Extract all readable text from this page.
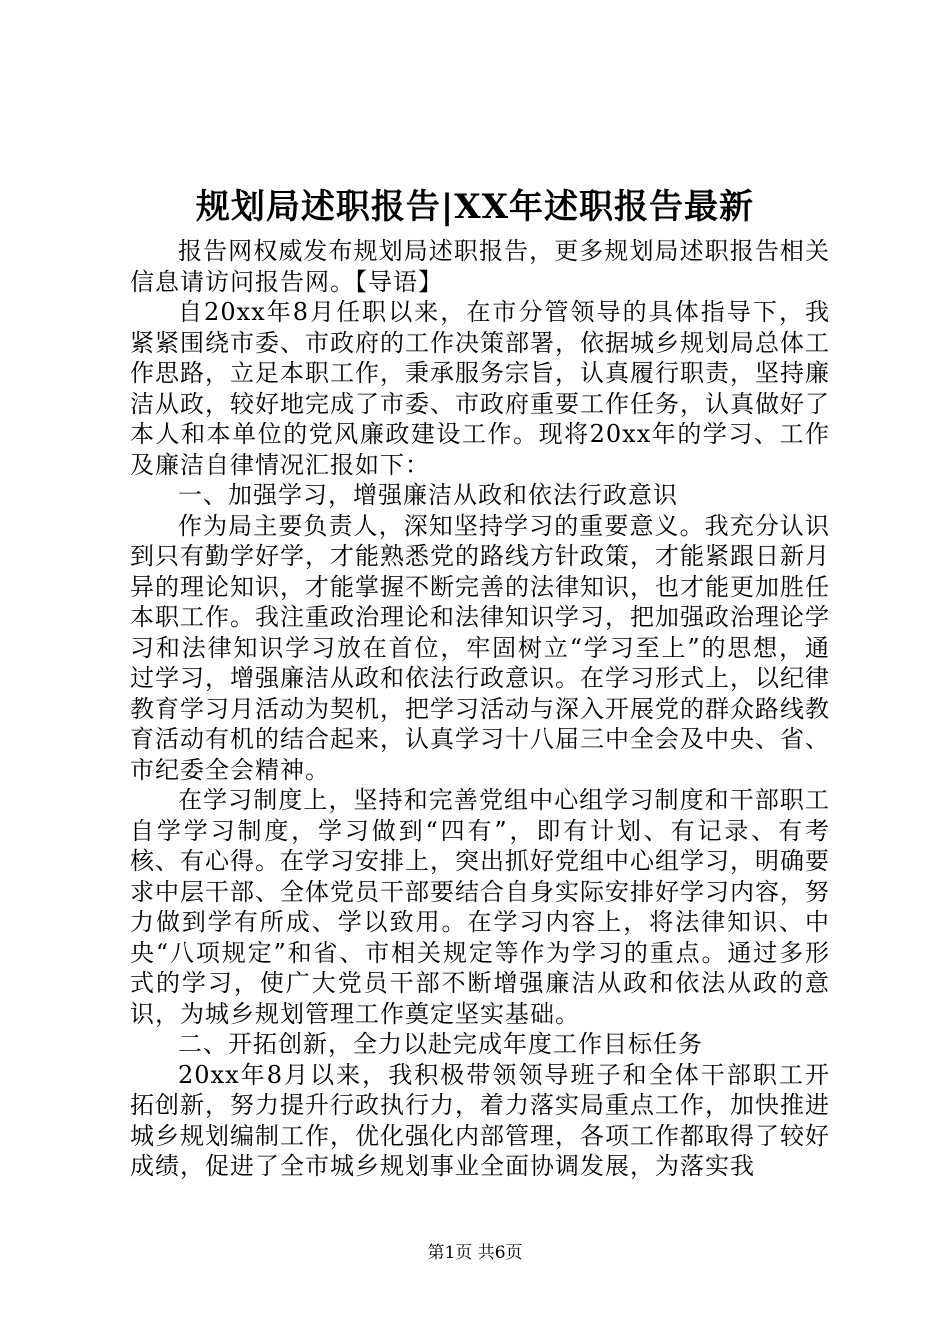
规划局述职报告|XX年述职报告最新

报告网权威发布规划局述职报告，更多规划局述职报告相关信息请访问报告网。【导语】

自20xx年8月任职以来，在市分管领导的具体指导下，我紧紧围绕市委、市政府的工作决策部署，依据城乡规划局总体工作思路，立足本职工作，秉承服务宗旨，认真履行职责，坚持廉洁从政，较好地完成了市委、市政府重要工作任务，认真做好了本人和本单位的党风廉政建设工作。现将20xx年的学习、工作及廉洁自律情况汇报如下：

一、加强学习，增强廉洁从政和依法行政意识

作为局主要负责人，深知坚持学习的重要意义。我充分认识到只有勤学好学，才能熟悉党的路线方针政策，才能紧跟日新月异的理论知识，才能掌握不断完善的法律知识，也才能更加胜任本职工作。我注重政治理论和法律知识学习，把加强政治理论学习和法律知识学习放在首位，牢固树立“学习至上”的思想，通过学习，增强廉洁从政和依法行政意识。在学习形式上，以纪律教育学习月活动为契机，把学习活动与深入开展党的群众路线教育活动有机的结合起来，认真学习十八届三中全会及中央、省、市纪委全会精神。

在学习制度上，坚持和完善党组中心组学习制度和干部职工自学学习制度，学习做到“四有”，即有计划、有记录、有考核、有心得。在学习安排上，突出抓好党组中心组学习，明确要求中层干部、全体党员干部要结合自身实际安排好学习内容，努力做到学有所成、学以致用。在学习内容上，将法律知识、中央“八项规定”和省、市相关规定等作为学习的重点。通过多形式的学习，使广大党员干部不断增强廉洁从政和依法从政的意识，为城乡规划管理工作奠定坚实基础。

二、开拓创新，全力以赴完成年度工作目标任务

20xx年8月以来，我积极带领领导班子和全体干部职工开拓创新，努力提升行政执行力，着力落实局重点工作，加快推进城乡规划编制工作，优化强化内部管理，各项工作都取得了较好成绩，促进了全市城乡规划事业全面协调发展，为落实我

第1页 共6页
